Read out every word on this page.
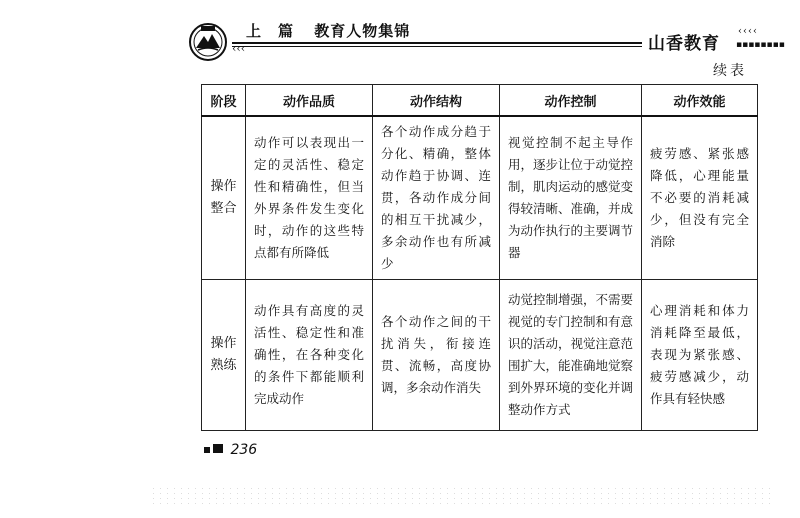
上　篇 教育人物集锦
‹‹‹	山香教育
‹‹‹‹
▪▪▪▪▪▪▪▪
续表
阶段	动作品质	动作结构	动作控制	动作效能
操作
整合	动作可以表现出一定的灵活性、稳定性和精确性，但当外界条件发生变化时，动作的这些特点都有所降低	各个动作成分趋于分化、精确，整体动作趋于协调、连贯，各动作成分间的相互干扰减少，多余动作也有所减少	视觉控制不起主导作用，逐步让位于动觉控制，肌肉运动的感觉变得较清晰、准确，并成为动作执行的主要调节器	疲劳感、紧张感降低，心理能量不必要的消耗减少，但没有完全消除

操作
熟练	动作具有高度的灵活性、稳定性和准确性，在各种变化的条件下都能顺利完成动作	各个动作之间的干扰消失，衔接连贯、流畅，高度协调，多余动作消失	动觉控制增强，不需要视觉的专门控制和有意识的活动，视觉注意范围扩大，能准确地觉察到外界环境的变化并调整动作方式	心理消耗和体力消耗降至最低，表现为紧张感、疲劳感减少，动作具有轻快感
236
